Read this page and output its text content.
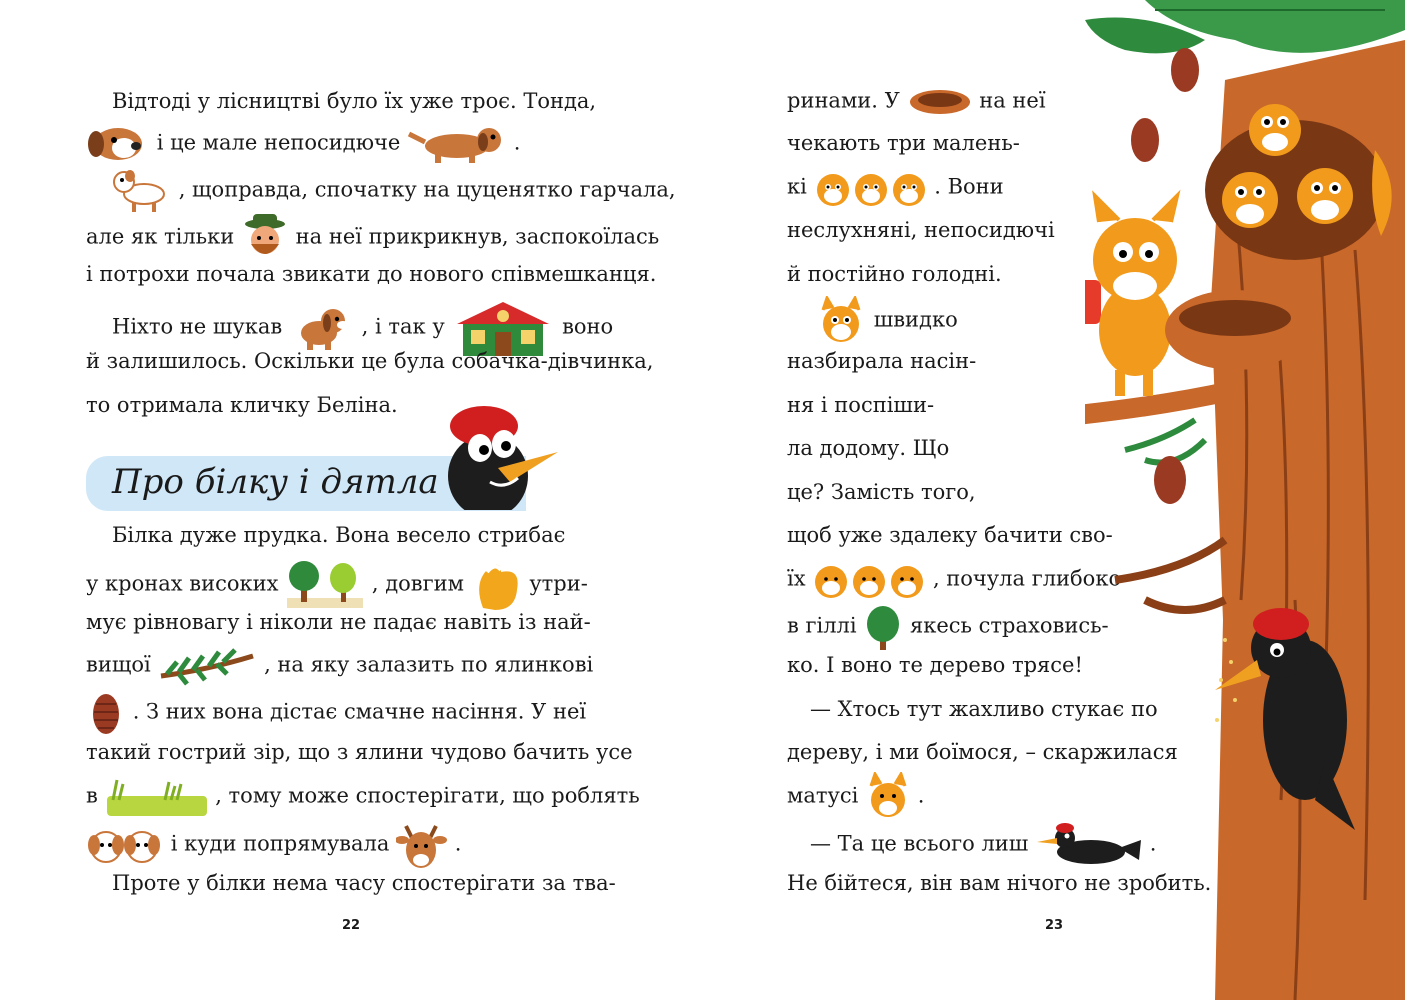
Відтоді у лісництві було їх уже троє. Тонда,
і це мале непосидюче	.
, щоправда, спочатку на цуценятко гарчала,
але як тільки	на неї прикрикнув, заспокоїлась
і потрохи почала звикати до нового співмешканця.
Ніхто не шукав	, і так у	воно
й залишилось. Оскільки це була собачка-дівчинка,
то отримала кличку Беліна.
Про білку і дятла
Білка дуже прудка. Вона весело стрибає
у кронах високих	, довгим	утри-
мує рівновагу і ніколи не падає навіть із най-
вищої	, на яку залазить по ялинкові
. З них вона дістає смачне насіння. У неї
такий гострий зір, що з ялини чудово бачить усе
в	, тому може спостерігати, що роблять
і куди попрямувала	.
Проте у білки нема часу спостерігати за тва-
22
ринами. У	на неї
чекають три малень-
кі	. Вони
неслухняні, непосидючі
й постійно голодні.
швидко
назбирала насін-
ня і поспіши-
ла додому. Що
це? Замість того,
щоб уже здалеку бачити сво-
їх	, почула глибоко
в гіллі	якесь страховись-
ко. І воно те дерево трясе!
— Хтось тут жахливо стукає по
дереву, і ми боїмося, – скаржилася
матусі	.
— Та це всього лиш	.
Не бійтеся, він вам нічого не зробить.
23
